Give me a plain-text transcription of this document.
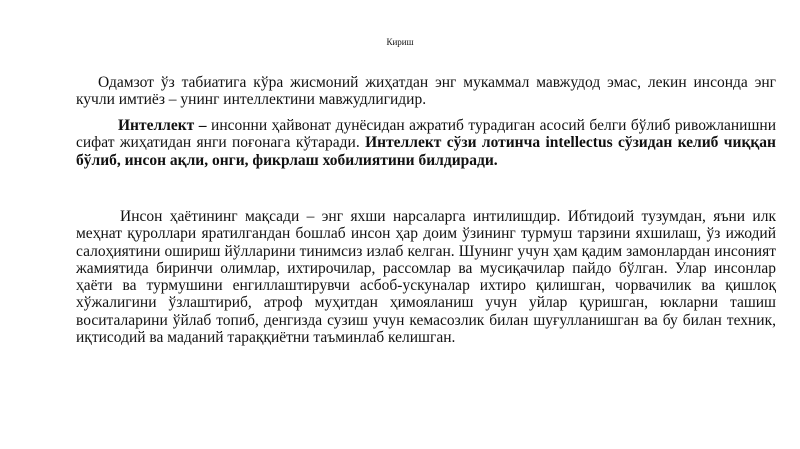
Кириш

Одамзот ўз табиатига кўра жисмоний жиҳатдан энг мукаммал мавжудод эмас, лекин инсонда энг кучли имтиёз – унинг интеллектини мавжудлигидир.

Интеллект – инсонни ҳайвонат дунёсидан ажратиб турадиган асосий белги бўлиб ривожланишни сифат жиҳатидан янги поғонага кўтаради. Интеллект сўзи лотинча intellectus сўзидан келиб чиққан бўлиб, инсон ақли, онги, фикрлаш хобилиятини билдиради.

Инсон ҳаётининг мақсади – энг яхши нарсаларга интилишдир. Ибтидоий тузумдан, яъни илк меҳнат қуроллари яратилгандан бошлаб инсон ҳар доим ўзининг турмуш тарзини яхшилаш, ўз ижодий салоҳиятини ошириш йўлларини тинимсиз излаб келган. Шунинг учун ҳам қадим замонлардан инсоният жамиятида биринчи олимлар, ихтирочилар, рассомлар ва мусиқачилар пайдо бўлган. Улар инсонлар ҳаёти ва турмушини енгиллаштирувчи асбоб-ускуналар ихтиро қилишган, чорвачилик ва қишлоқ хўжалигини ўзлаштириб, атроф муҳитдан ҳимояланиш учун уйлар қуришган, юкларни ташиш воситаларини ўйлаб топиб, денгизда сузиш учун кемасозлик билан шуғулланишган ва бу билан техник, иқтисодий ва маданий тараққиётни таъминлаб келишган.
